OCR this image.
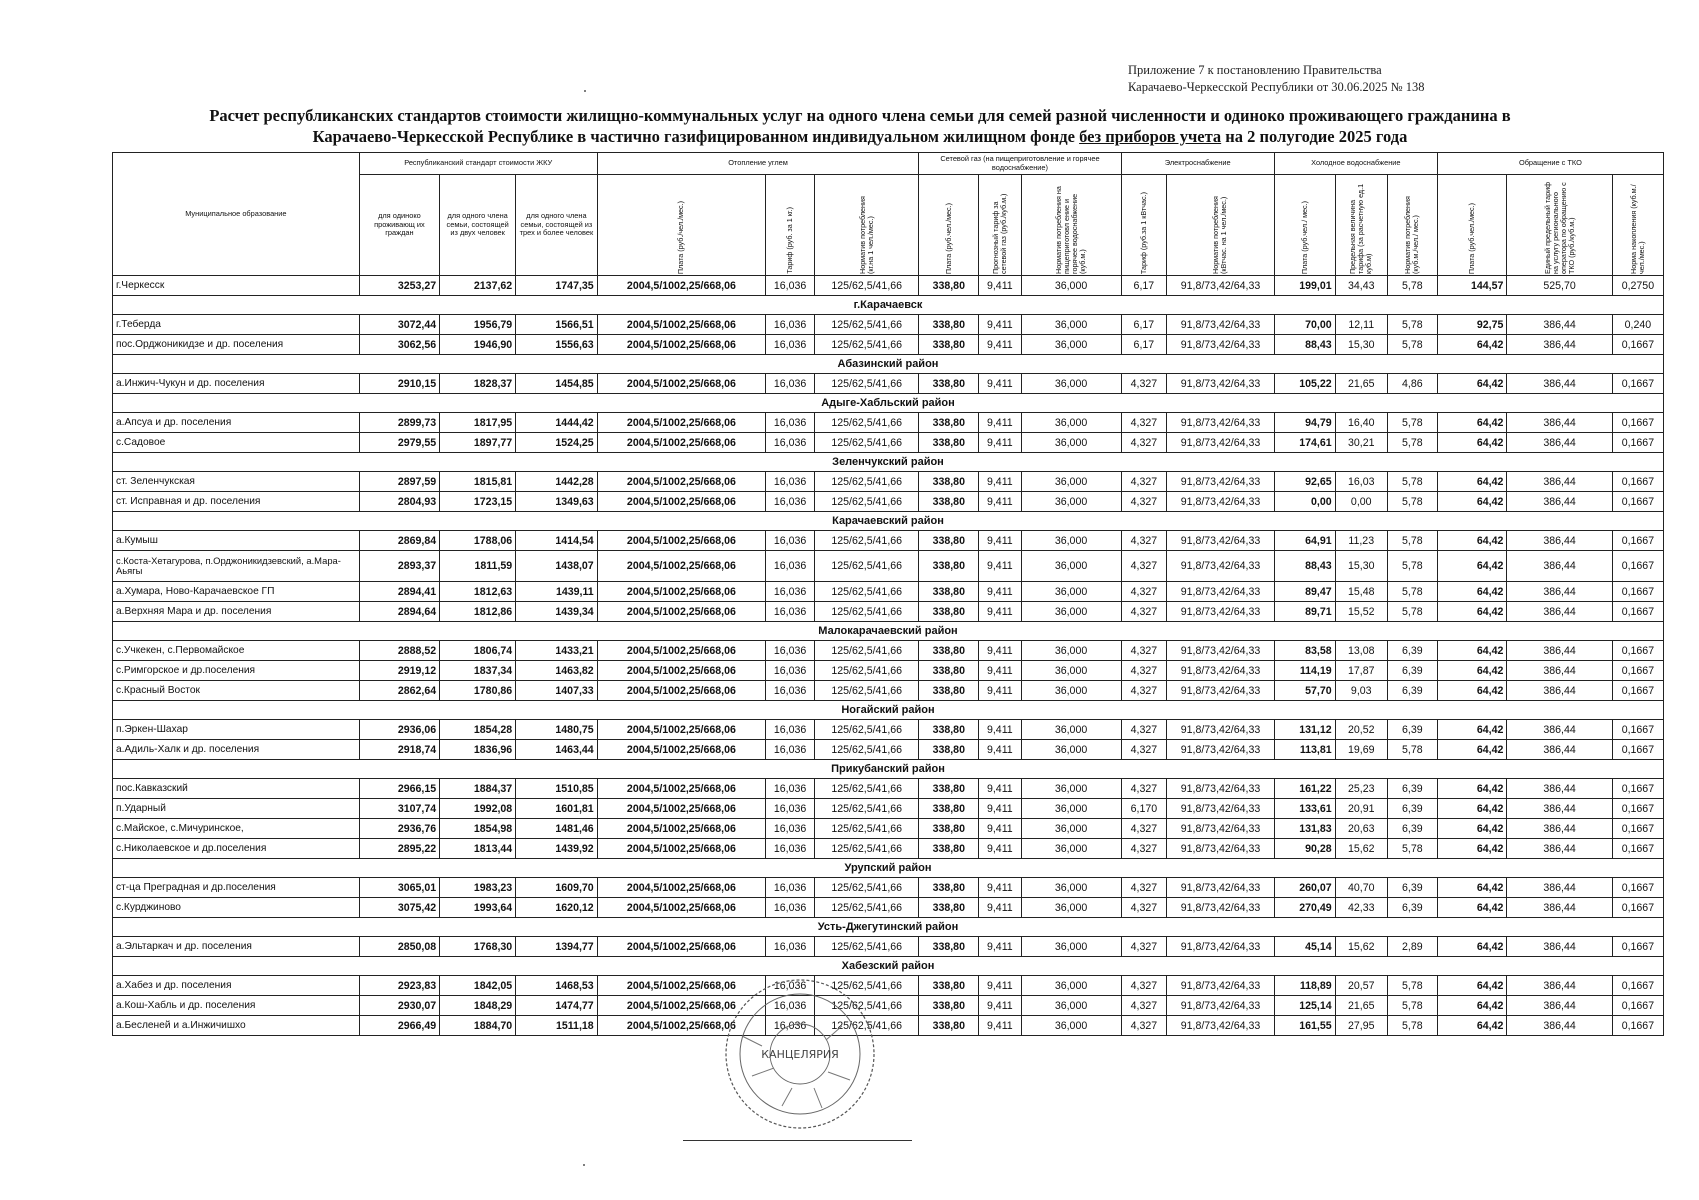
Приложение 7 к постановлению Правительства
Карачаево-Черкесской Республики от 30.06.2025 № 138
Расчет республиканских стандартов стоимости жилищно-коммунальных услуг на одного члена семьи для семей разной численности и одиноко проживающего гражданина в
Карачаево-Черкесской Республике в частично газифицированном индивидуальном жилищном фонде без приборов учета на 2 полугодие 2025 года
Муниципальное образование	Республиканский стандарт стоимости ЖКУ			Отопление углем			Сетевой газ (на пищеприготовление и горячее водоснабжение)			Электроснабжение		Холодное водоснабжение			Обращение с ТКО		
	для одиноко проживающ их граждан	для одного члена семьи, состоящей из двух человек	для одного члена семьи, состоящей из трех и более человек	Плата (руб./чел./мес.)	Тариф (руб. за 1 кг.)	Норматив потребления (кг.на 1 чел./мес.)	Плата (руб.чел./мес.)	Прогнозный тариф за сетевой газ (руб./куб.м.)	Норматив потребления на пищеприготовл ение и горячее водоснабжение (куб.м.)	Тариф (руб.за 1 кВтчас.)	Норматив потребления (кВтчас. на 1 чел./мес.)	Плата (руб.чел./ мес.)	Предельная величина тарифа (за расчетную ед.1 куб.м)	Норматив потребления (куб.м./чел./ мес.)	Плата (руб.чел./мес.)	Единый предельный тариф на услугу регионального оператора по обращению с ТКО (руб./куб.м.)	Норма накопления (куб.м./чел./мес.)

г.Черкесск	3253,27	2137,62	1747,35	2004,5/1002,25/668,06	16,036	125/62,5/41,66	338,80	9,411	36,000	6,17	91,8/73,42/64,33	199,01	34,43	5,78	144,57	525,70	0,2750
г.Карачаевск																	
г.Теберда	3072,44	1956,79	1566,51	2004,5/1002,25/668,06	16,036	125/62,5/41,66	338,80	9,411	36,000	6,17	91,8/73,42/64,33	70,00	12,11	5,78	92,75	386,44	0,240
пос.Орджоникидзе и др. поселения	3062,56	1946,90	1556,63	2004,5/1002,25/668,06	16,036	125/62,5/41,66	338,80	9,411	36,000	6,17	91,8/73,42/64,33	88,43	15,30	5,78	64,42	386,44	0,1667
Абазинский район																	
а.Инжич-Чукун и др. поселения	2910,15	1828,37	1454,85	2004,5/1002,25/668,06	16,036	125/62,5/41,66	338,80	9,411	36,000	4,327	91,8/73,42/64,33	105,22	21,65	4,86	64,42	386,44	0,1667
Адыге-Хабльский район																	
а.Апсуа и др. поселения	2899,73	1817,95	1444,42	2004,5/1002,25/668,06	16,036	125/62,5/41,66	338,80	9,411	36,000	4,327	91,8/73,42/64,33	94,79	16,40	5,78	64,42	386,44	0,1667
с.Садовое	2979,55	1897,77	1524,25	2004,5/1002,25/668,06	16,036	125/62,5/41,66	338,80	9,411	36,000	4,327	91,8/73,42/64,33	174,61	30,21	5,78	64,42	386,44	0,1667
Зеленчукский район																	
ст. Зеленчукская	2897,59	1815,81	1442,28	2004,5/1002,25/668,06	16,036	125/62,5/41,66	338,80	9,411	36,000	4,327	91,8/73,42/64,33	92,65	16,03	5,78	64,42	386,44	0,1667
ст. Исправная и др. поселения	2804,93	1723,15	1349,63	2004,5/1002,25/668,06	16,036	125/62,5/41,66	338,80	9,411	36,000	4,327	91,8/73,42/64,33	0,00	0,00	5,78	64,42	386,44	0,1667
Карачаевский район																	
а.Кумыш	2869,84	1788,06	1414,54	2004,5/1002,25/668,06	16,036	125/62,5/41,66	338,80	9,411	36,000	4,327	91,8/73,42/64,33	64,91	11,23	5,78	64,42	386,44	0,1667
с.Коста-Хетагурова, п.Орджоникидзевский, а.Мара-Аьягы	2893,37	1811,59	1438,07	2004,5/1002,25/668,06	16,036	125/62,5/41,66	338,80	9,411	36,000	4,327	91,8/73,42/64,33	88,43	15,30	5,78	64,42	386,44	0,1667
а.Хумара, Ново-Карачаевское ГП	2894,41	1812,63	1439,11	2004,5/1002,25/668,06	16,036	125/62,5/41,66	338,80	9,411	36,000	4,327	91,8/73,42/64,33	89,47	15,48	5,78	64,42	386,44	0,1667
а.Верхняя Мара и др. поселения	2894,64	1812,86	1439,34	2004,5/1002,25/668,06	16,036	125/62,5/41,66	338,80	9,411	36,000	4,327	91,8/73,42/64,33	89,71	15,52	5,78	64,42	386,44	0,1667
Малокарачаевский район																	
с.Учкекен, с.Первомайское	2888,52	1806,74	1433,21	2004,5/1002,25/668,06	16,036	125/62,5/41,66	338,80	9,411	36,000	4,327	91,8/73,42/64,33	83,58	13,08	6,39	64,42	386,44	0,1667
с.Римгорское и др.поселения	2919,12	1837,34	1463,82	2004,5/1002,25/668,06	16,036	125/62,5/41,66	338,80	9,411	36,000	4,327	91,8/73,42/64,33	114,19	17,87	6,39	64,42	386,44	0,1667
с.Красный Восток	2862,64	1780,86	1407,33	2004,5/1002,25/668,06	16,036	125/62,5/41,66	338,80	9,411	36,000	4,327	91,8/73,42/64,33	57,70	9,03	6,39	64,42	386,44	0,1667
Ногайский район																	
п.Эркен-Шахар	2936,06	1854,28	1480,75	2004,5/1002,25/668,06	16,036	125/62,5/41,66	338,80	9,411	36,000	4,327	91,8/73,42/64,33	131,12	20,52	6,39	64,42	386,44	0,1667
а.Адиль-Халк и др. поселения	2918,74	1836,96	1463,44	2004,5/1002,25/668,06	16,036	125/62,5/41,66	338,80	9,411	36,000	4,327	91,8/73,42/64,33	113,81	19,69	5,78	64,42	386,44	0,1667
Прикубанский район																	
пос.Кавказский	2966,15	1884,37	1510,85	2004,5/1002,25/668,06	16,036	125/62,5/41,66	338,80	9,411	36,000	4,327	91,8/73,42/64,33	161,22	25,23	6,39	64,42	386,44	0,1667
п.Ударный	3107,74	1992,08	1601,81	2004,5/1002,25/668,06	16,036	125/62,5/41,66	338,80	9,411	36,000	6,170	91,8/73,42/64,33	133,61	20,91	6,39	64,42	386,44	0,1667
с.Майское, с.Мичуринское,	2936,76	1854,98	1481,46	2004,5/1002,25/668,06	16,036	125/62,5/41,66	338,80	9,411	36,000	4,327	91,8/73,42/64,33	131,83	20,63	6,39	64,42	386,44	0,1667
с.Николаевское и др.поселения	2895,22	1813,44	1439,92	2004,5/1002,25/668,06	16,036	125/62,5/41,66	338,80	9,411	36,000	4,327	91,8/73,42/64,33	90,28	15,62	5,78	64,42	386,44	0,1667
Урупский район																	
ст-ца Преградная и др.поселения	3065,01	1983,23	1609,70	2004,5/1002,25/668,06	16,036	125/62,5/41,66	338,80	9,411	36,000	4,327	91,8/73,42/64,33	260,07	40,70	6,39	64,42	386,44	0,1667
с.Курджиново	3075,42	1993,64	1620,12	2004,5/1002,25/668,06	16,036	125/62,5/41,66	338,80	9,411	36,000	4,327	91,8/73,42/64,33	270,49	42,33	6,39	64,42	386,44	0,1667
Усть-Джегутинский район																	
а.Эльтаркач и др. поселения	2850,08	1768,30	1394,77	2004,5/1002,25/668,06	16,036	125/62,5/41,66	338,80	9,411	36,000	4,327	91,8/73,42/64,33	45,14	15,62	2,89	64,42	386,44	0,1667
Хабезский район																	
а.Хабез и др. поселения	2923,83	1842,05	1468,53	2004,5/1002,25/668,06	16,036	125/62,5/41,66	338,80	9,411	36,000	4,327	91,8/73,42/64,33	118,89	20,57	5,78	64,42	386,44	0,1667
а.Кош-Хабль и др. поселения	2930,07	1848,29	1474,77	2004,5/1002,25/668,06	16,036	125/62,5/41,66	338,80	9,411	36,000	4,327	91,8/73,42/64,33	125,14	21,65	5,78	64,42	386,44	0,1667
а.Бесленей и а.Инжичишхо	2966,49	1884,70	1511,18	2004,5/1002,25/668,06	16,036	125/62,5/41,66	338,80	9,411	36,000	4,327	91,8/73,42/64,33	161,55	27,95	5,78	64,42	386,44	0,1667
КАНЦЕЛЯРИЯ
